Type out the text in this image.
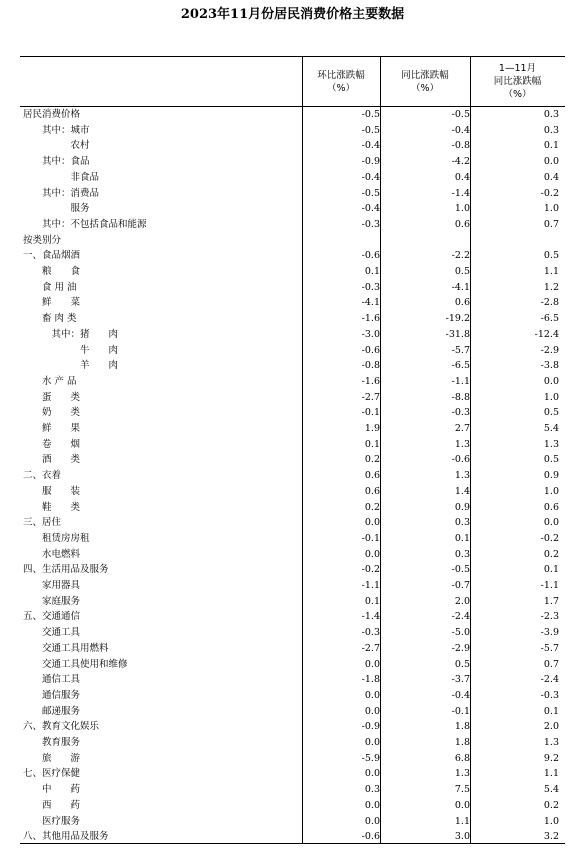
2023年11月份居民消费价格主要数据
环比涨跌幅
（%）
同比涨跌幅
（%）
1—11月
同比涨跌幅
（%）
居民消费价格	-0.5	-0.5	0.3
其中：城市	-0.5	-0.4	0.3
农村	-0.4	-0.8	0.1
其中：食品	-0.9	-4.2	0.0
非食品	-0.4	0.4	0.4
其中：消费品	-0.5	-1.4	-0.2
服务	-0.4	1.0	1.0
其中：不包括食品和能源	-0.3	0.6	0.7
按类别分
一、食品烟酒	-0.6	-2.2	0.5
粮　　食	0.1	0.5	1.1
食 用 油	-0.3	-4.1	1.2
鲜　　菜	-4.1	0.6	-2.8
畜 肉 类	-1.6	-19.2	-6.5
其中：猪　　肉	-3.0	-31.8	-12.4
牛　　肉	-0.6	-5.7	-2.9
羊　　肉	-0.8	-6.5	-3.8
水 产 品	-1.6	-1.1	0.0
蛋　　类	-2.7	-8.8	1.0
奶　　类	-0.1	-0.3	0.5
鲜　　果	1.9	2.7	5.4
卷　　烟	0.1	1.3	1.3
酒　　类	0.2	-0.6	0.5
二、衣着	0.6	1.3	0.9
服　　装	0.6	1.4	1.0
鞋　　类	0.2	0.9	0.6
三、居住	0.0	0.3	0.0
租赁房房租	-0.1	0.1	-0.2
水电燃料	0.0	0.3	0.2
四、生活用品及服务	-0.2	-0.5	0.1
家用器具	-1.1	-0.7	-1.1
家庭服务	0.1	2.0	1.7
五、交通通信	-1.4	-2.4	-2.3
交通工具	-0.3	-5.0	-3.9
交通工具用燃料	-2.7	-2.9	-5.7
交通工具使用和维修	0.0	0.5	0.7
通信工具	-1.8	-3.7	-2.4
通信服务	0.0	-0.4	-0.3
邮递服务	0.0	-0.1	0.1
六、教育文化娱乐	-0.9	1.8	2.0
教育服务	0.0	1.8	1.3
旅　　游	-5.9	6.8	9.2
七、医疗保健	0.0	1.3	1.1
中　　药	0.3	7.5	5.4
西　　药	0.0	0.0	0.2
医疗服务	0.0	1.1	1.0
八、其他用品及服务	-0.6	3.0	3.2
